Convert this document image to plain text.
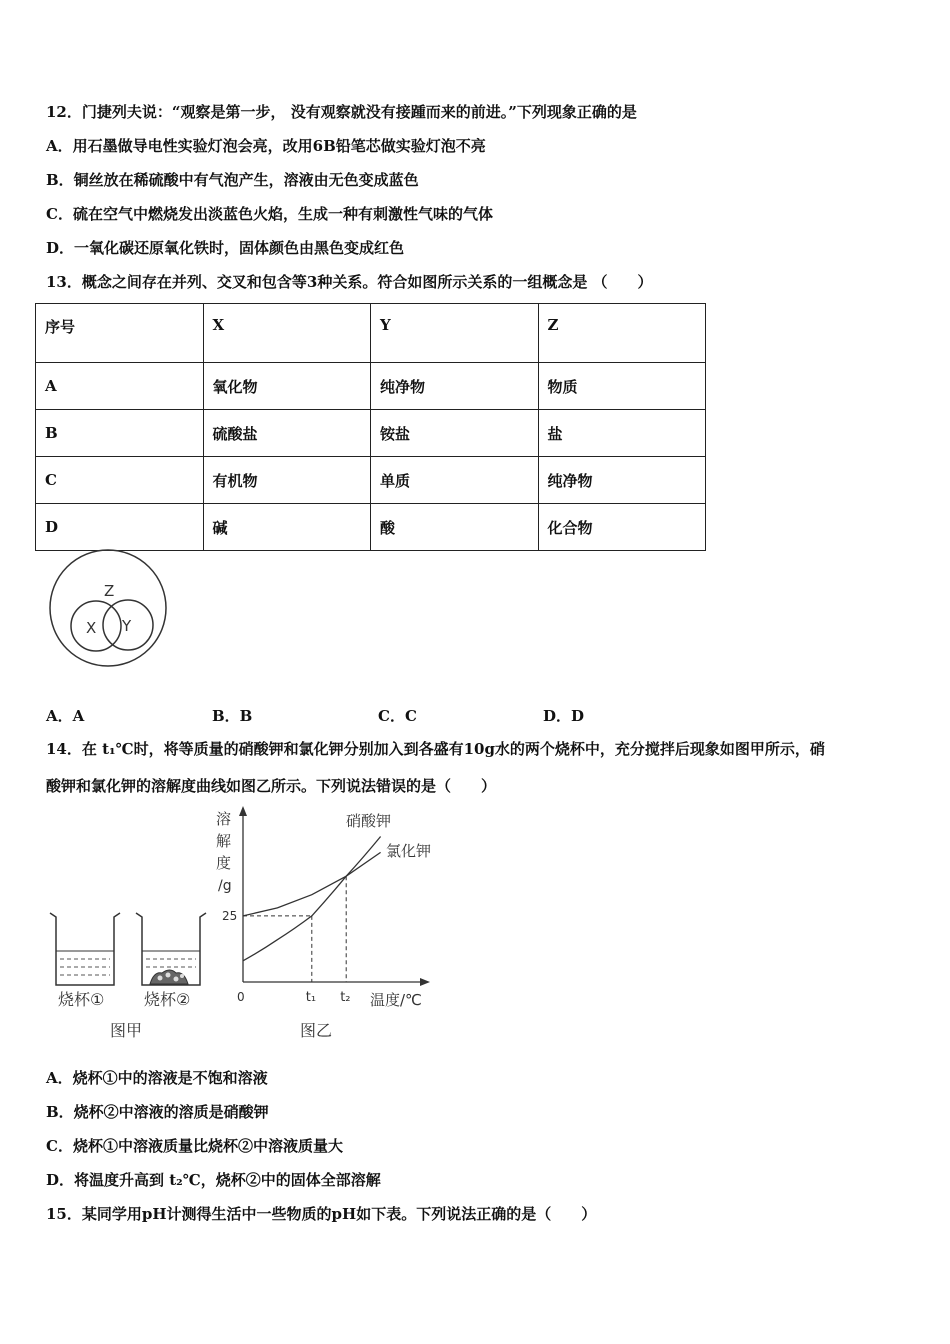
12．门捷列夫说：“观察是第一步， 没有观察就没有接踵而来的前进。”下列现象正确的是
A．用石墨做导电性实验灯泡会亮，改用6B铅笔芯做实验灯泡不亮
B．铜丝放在稀硫酸中有气泡产生，溶液由无色变成蓝色
C．硫在空气中燃烧发出淡蓝色火焰，生成一种有刺激性气味的气体
D．一氧化碳还原氧化铁时，固体颜色由黑色变成红色
13．概念之间存在并列、交叉和包含等3种关系。符合如图所示关系的一组概念是 （　　）
序号	X	Y	Z
A	氧化物	纯净物	物质
B	硫酸盐	铵盐	盐
C	有机物	单质	纯净物
D	碱	酸	化合物
Z
X Y
A．A	B．B	C．C	D．D
14．在 t₁℃时，将等质量的硝酸钾和氯化钾分别加入到各盛有10g水的两个烧杯中，充分搅拌后现象如图甲所示，硝
酸钾和氯化钾的溶解度曲线如图乙所示。下列说法错误的是（　　）
烧杯① 烧杯②
图甲
溶
解
度
/g
0	t₁ t₂
25
温度/℃
硝酸钾
氯化钾
图乙
A．烧杯①中的溶液是不饱和溶液
B．烧杯②中溶液的溶质是硝酸钾
C．烧杯①中溶液质量比烧杯②中溶液质量大
D．将温度升高到 t₂℃，烧杯②中的固体全部溶解
15．某同学用pH计测得生活中一些物质的pH如下表。下列说法正确的是（　　）
